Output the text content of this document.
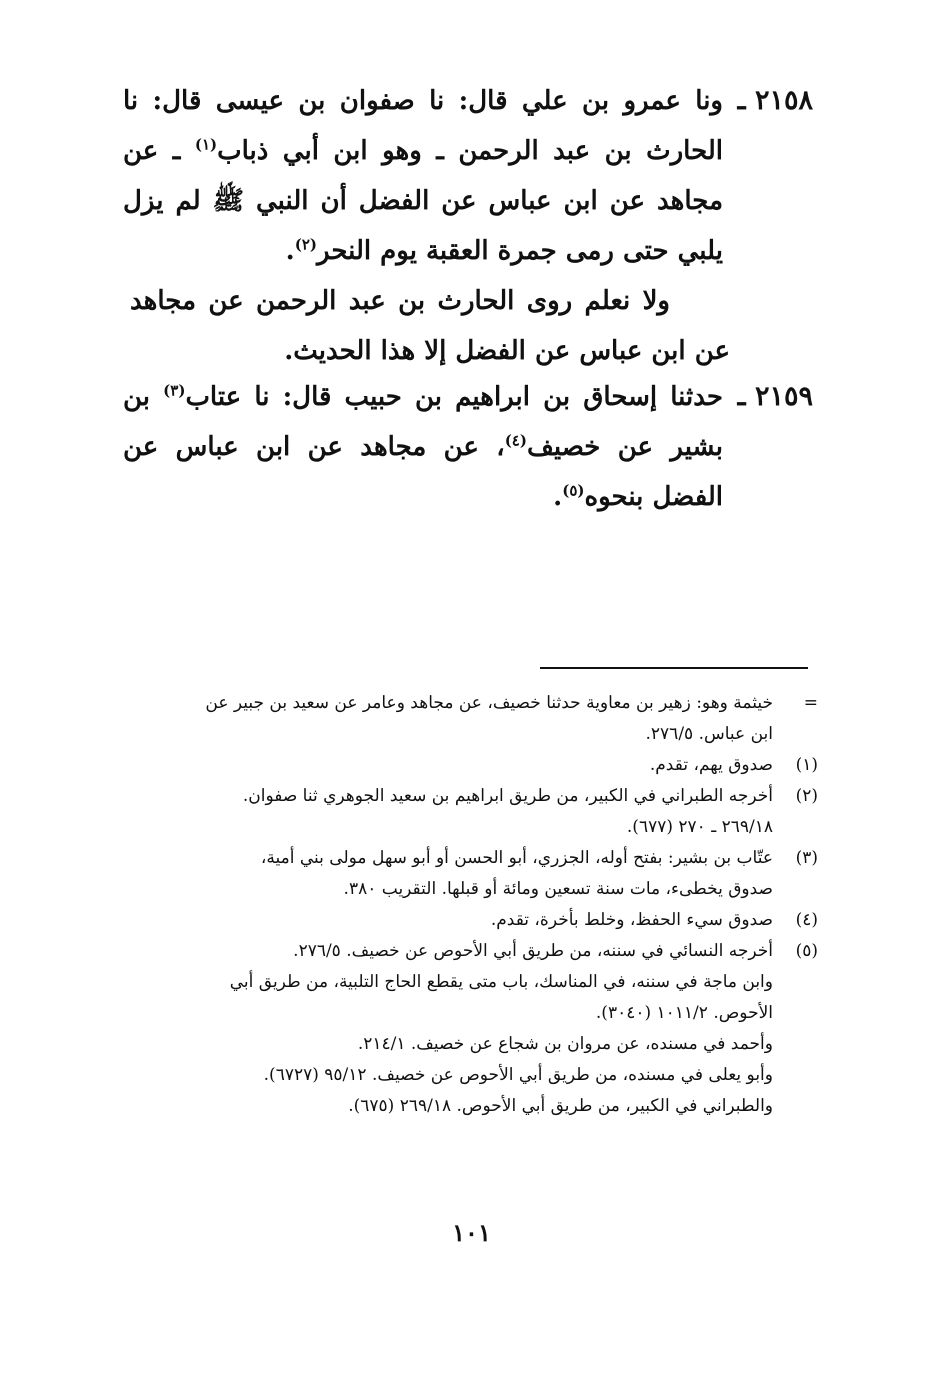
٢١٥٨ ـ
ونا عمرو بن علي قال: نا صفوان بن عيسى قال: نا الحارث بن عبد الرحمن ـ وهو ابن أبي ذباب$^{(١)}$ ـ عن مجاهد عن ابن عباس عن الفضل أن النبي ﷺ لم يزل يلبي حتى رمى جمرة العقبة يوم النحر$^{(٢)}$.
ولا نعلم روى الحارث بن عبد الرحمن عن مجاهد عن ابن عباس عن الفضل إلا هذا الحديث.
٢١٥٩ ـ
حدثنا إسحاق بن ابراهيم بن حبيب قال: نا عتاب$^{(٣)}$ بن بشير عن خصيف$^{(٤)}$، عن مجاهد عن ابن عباس عن الفضل بنحوه$^{(٥)}$.
=
خيثمة وهو: زهير بن معاوية حدثنا خصيف، عن مجاهد وعامر عن سعيد بن جبير عن
ابن عباس. ٢٧٦/٥.
(١)
صدوق يهم، تقدم.
(٢)
أخرجه الطبراني في الكبير، من طريق ابراهيم بن سعيد الجوهري ثنا صفوان.
٢٦٩/١٨ ـ ٢٧٠ (٦٧٧).
(٣)
عتّاب بن بشير: بفتح أوله، الجزري، أبو الحسن أو أبو سهل مولى بني أمية،
صدوق يخطىء، مات سنة تسعين ومائة أو قبلها. التقريب ٣٨٠.
(٤)
صدوق سيء الحفظ، وخلط بأخرة، تقدم.
(٥)
أخرجه النسائي في سننه، من طريق أبي الأحوص عن خصيف. ٢٧٦/٥.
وابن ماجة في سننه، في المناسك، باب متى يقطع الحاج التلبية، من طريق أبي
الأحوص. ١٠١١/٢ (٣٠٤٠).
وأحمد في مسنده، عن مروان بن شجاع عن خصيف. ٢١٤/١.
وأبو يعلى في مسنده، من طريق أبي الأحوص عن خصيف. ٩٥/١٢ (٦٧٢٧).
والطبراني في الكبير، من طريق أبي الأحوص. ٢٦٩/١٨ (٦٧٥).
١٠١
